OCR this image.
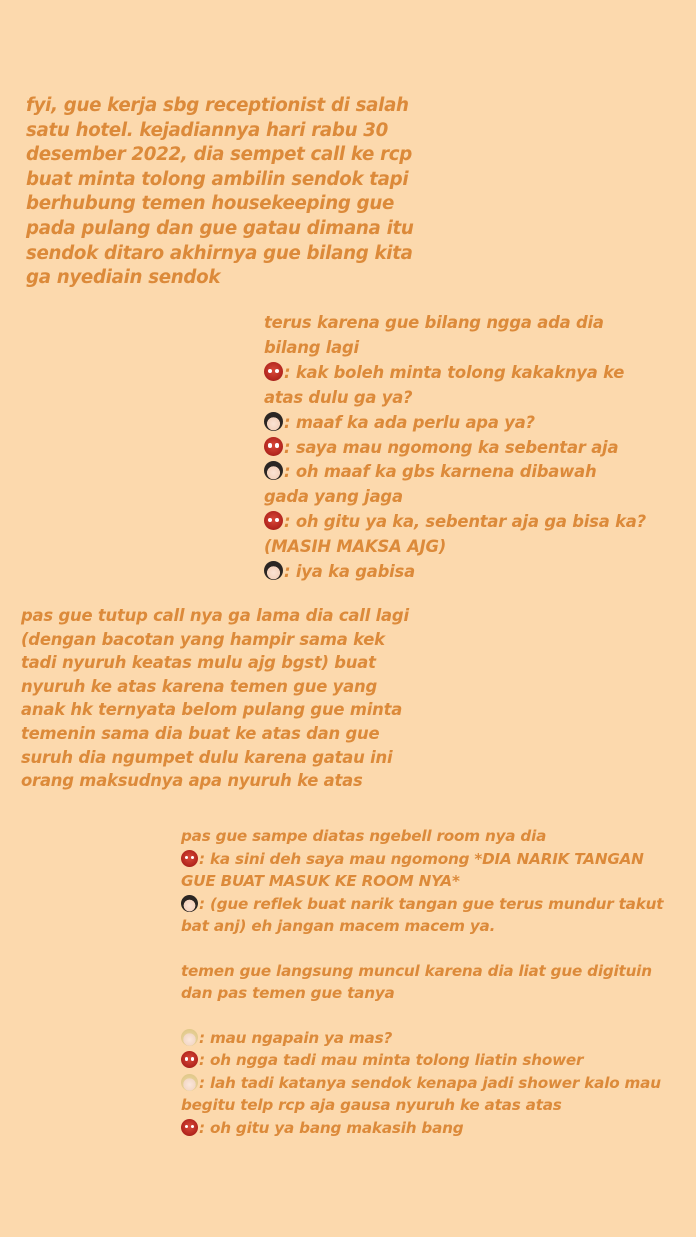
fyi, gue kerja sbg receptionist di salah
satu hotel. kejadiannya hari rabu 30
desember 2022, dia sempet call ke rcp
buat minta tolong ambilin sendok tapi
berhubung temen housekeeping gue
pada pulang dan gue gatau dimana itu
sendok ditaro akhirnya gue bilang kita
ga nyediain sendok
terus karena gue bilang ngga ada dia
bilang lagi
: kak boleh minta tolong kakaknya ke
atas dulu ga ya?
: maaf ka ada perlu apa ya?
: saya mau ngomong ka sebentar aja
: oh maaf ka gbs karnena dibawah
gada yang jaga
: oh gitu ya ka, sebentar aja ga bisa ka?
(MASIH MAKSA AJG)
: iya ka gabisa
pas gue tutup call nya ga lama dia call lagi
(dengan bacotan yang hampir sama kek
tadi nyuruh keatas mulu ajg bgst) buat
nyuruh ke atas karena temen gue yang
anak hk ternyata belom pulang gue minta
temenin sama dia buat ke atas dan gue
suruh dia ngumpet dulu karena gatau ini
orang maksudnya apa nyuruh ke atas
pas gue sampe diatas ngebell room nya dia
: ka sini deh saya mau ngomong *DIA NARIK TANGAN
GUE BUAT MASUK KE ROOM NYA*
: (gue reflek buat narik tangan gue terus mundur takut
bat anj) eh jangan macem macem ya.
temen gue langsung muncul karena dia liat gue digituin
dan pas temen gue tanya
: mau ngapain ya mas?
: oh ngga tadi mau minta tolong liatin shower
: lah tadi katanya sendok kenapa jadi shower kalo mau
begitu telp rcp aja gausa nyuruh ke atas atas
: oh gitu ya bang makasih bang
